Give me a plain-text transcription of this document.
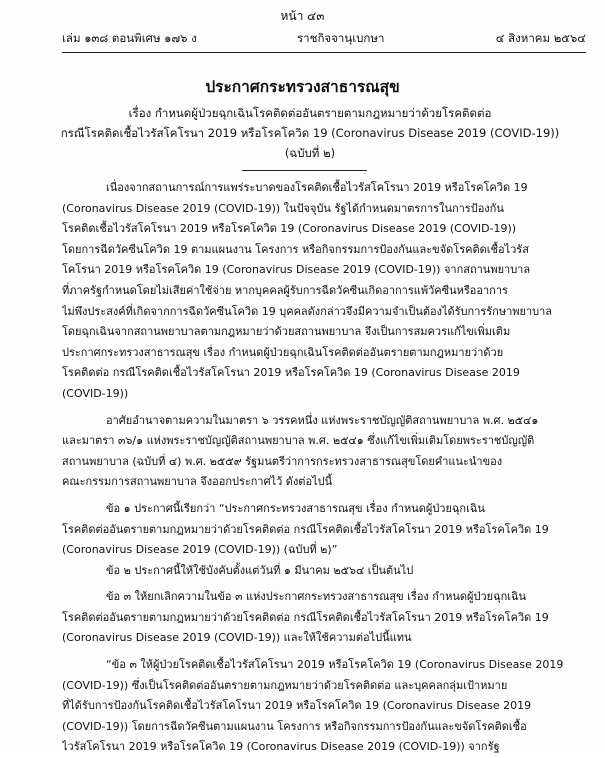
หน้า ๔๓
เล่ม ๑๓๘ ตอนพิเศษ ๑๗๖ ง	ราชกิจจานุเบกษา	๔ สิงหาคม ๒๕๖๔
ประกาศกระทรวงสาธารณสุข
เรื่อง กำหนดผู้ป่วยฉุกเฉินโรคติดต่ออันตรายตามกฎหมายว่าด้วยโรคติดต่อ
กรณีโรคติดเชื้อไวรัสโคโรนา 2019 หรือโรคโควิด 19 (Coronavirus Disease 2019 (COVID-19))
(ฉบับที่ ๒)
เนื่องจากสถานการณ์การแพร่ระบาดของโรคติดเชื้อไวรัสโคโรนา 2019 หรือโรคโควิด 19
(Coronavirus Disease 2019 (COVID-19)) ในปัจจุบัน รัฐได้กำหนดมาตรการในการป้องกัน
โรคติดเชื้อไวรัสโคโรนา 2019 หรือโรคโควิด 19 (Coronavirus Disease 2019 (COVID-19))
โดยการฉีดวัคซีนโควิด 19 ตามแผนงาน โครงการ หรือกิจกรรมการป้องกันและขจัดโรคติดเชื้อไวรัส
โคโรนา 2019 หรือโรคโควิด 19 (Coronavirus Disease 2019 (COVID-19)) จากสถานพยาบาล
ที่ภาครัฐกำหนดโดยไม่เสียค่าใช้จ่าย หากบุคคลผู้รับการฉีดวัคซีนเกิดอาการแพ้วัคซีนหรืออาการ
ไม่พึงประสงค์ที่เกิดจากการฉีดวัคซีนโควิด 19 บุคคลดังกล่าวจึงมีความจำเป็นต้องได้รับการรักษาพยาบาล
โดยฉุกเฉินจากสถานพยาบาลตามกฎหมายว่าด้วยสถานพยาบาล จึงเป็นการสมควรแก้ไขเพิ่มเติม
ประกาศกระทรวงสาธารณสุข เรื่อง กำหนดผู้ป่วยฉุกเฉินโรคติดต่ออันตรายตามกฎหมายว่าด้วย
โรคติดต่อ กรณีโรคติดเชื้อไวรัสโคโรนา 2019 หรือโรคโควิด 19 (Coronavirus Disease 2019
(COVID-19))
อาศัยอำนาจตามความในมาตรา ๖ วรรคหนึ่ง แห่งพระราชบัญญัติสถานพยาบาล พ.ศ. ๒๕๔๑
และมาตรา ๓๖/๑ แห่งพระราชบัญญัติสถานพยาบาล พ.ศ. ๒๕๔๑ ซึ่งแก้ไขเพิ่มเติมโดยพระราชบัญญัติ
สถานพยาบาล (ฉบับที่ ๔) พ.ศ. ๒๕๕๙ รัฐมนตรีว่าการกระทรวงสาธารณสุขโดยคำแนะนำของ
คณะกรรมการสถานพยาบาล จึงออกประกาศไว้ ดังต่อไปนี้
ข้อ ๑ ประกาศนี้เรียกว่า “ประกาศกระทรวงสาธารณสุข เรื่อง กำหนดผู้ป่วยฉุกเฉิน
โรคติดต่ออันตรายตามกฎหมายว่าด้วยโรคติดต่อ กรณีโรคติดเชื้อไวรัสโคโรนา 2019 หรือโรคโควิด 19
(Coronavirus Disease 2019 (COVID-19)) (ฉบับที่ ๒)”
ข้อ ๒ ประกาศนี้ให้ใช้บังคับตั้งแต่วันที่ ๑ มีนาคม ๒๕๖๔ เป็นต้นไป
ข้อ ๓ ให้ยกเลิกความในข้อ ๓ แห่งประกาศกระทรวงสาธารณสุข เรื่อง กำหนดผู้ป่วยฉุกเฉิน
โรคติดต่ออันตรายตามกฎหมายว่าด้วยโรคติดต่อ กรณีโรคติดเชื้อไวรัสโคโรนา 2019 หรือโรคโควิด 19
(Coronavirus Disease 2019 (COVID-19)) และให้ใช้ความต่อไปนี้แทน
“ข้อ ๓ ให้ผู้ป่วยโรคติดเชื้อไวรัสโคโรนา 2019 หรือโรคโควิด 19 (Coronavirus Disease 2019
(COVID-19)) ซึ่งเป็นโรคติดต่ออันตรายตามกฎหมายว่าด้วยโรคติดต่อ และบุคคลกลุ่มเป้าหมาย
ที่ได้รับการป้องกันโรคติดเชื้อไวรัสโคโรนา 2019 หรือโรคโควิด 19 (Coronavirus Disease 2019
(COVID-19)) โดยการฉีดวัคซีนตามแผนงาน โครงการ หรือกิจกรรมการป้องกันและขจัดโรคติดเชื้อ
ไวรัสโคโรนา 2019 หรือโรคโควิด 19 (Coronavirus Disease 2019 (COVID-19)) จากรัฐ
